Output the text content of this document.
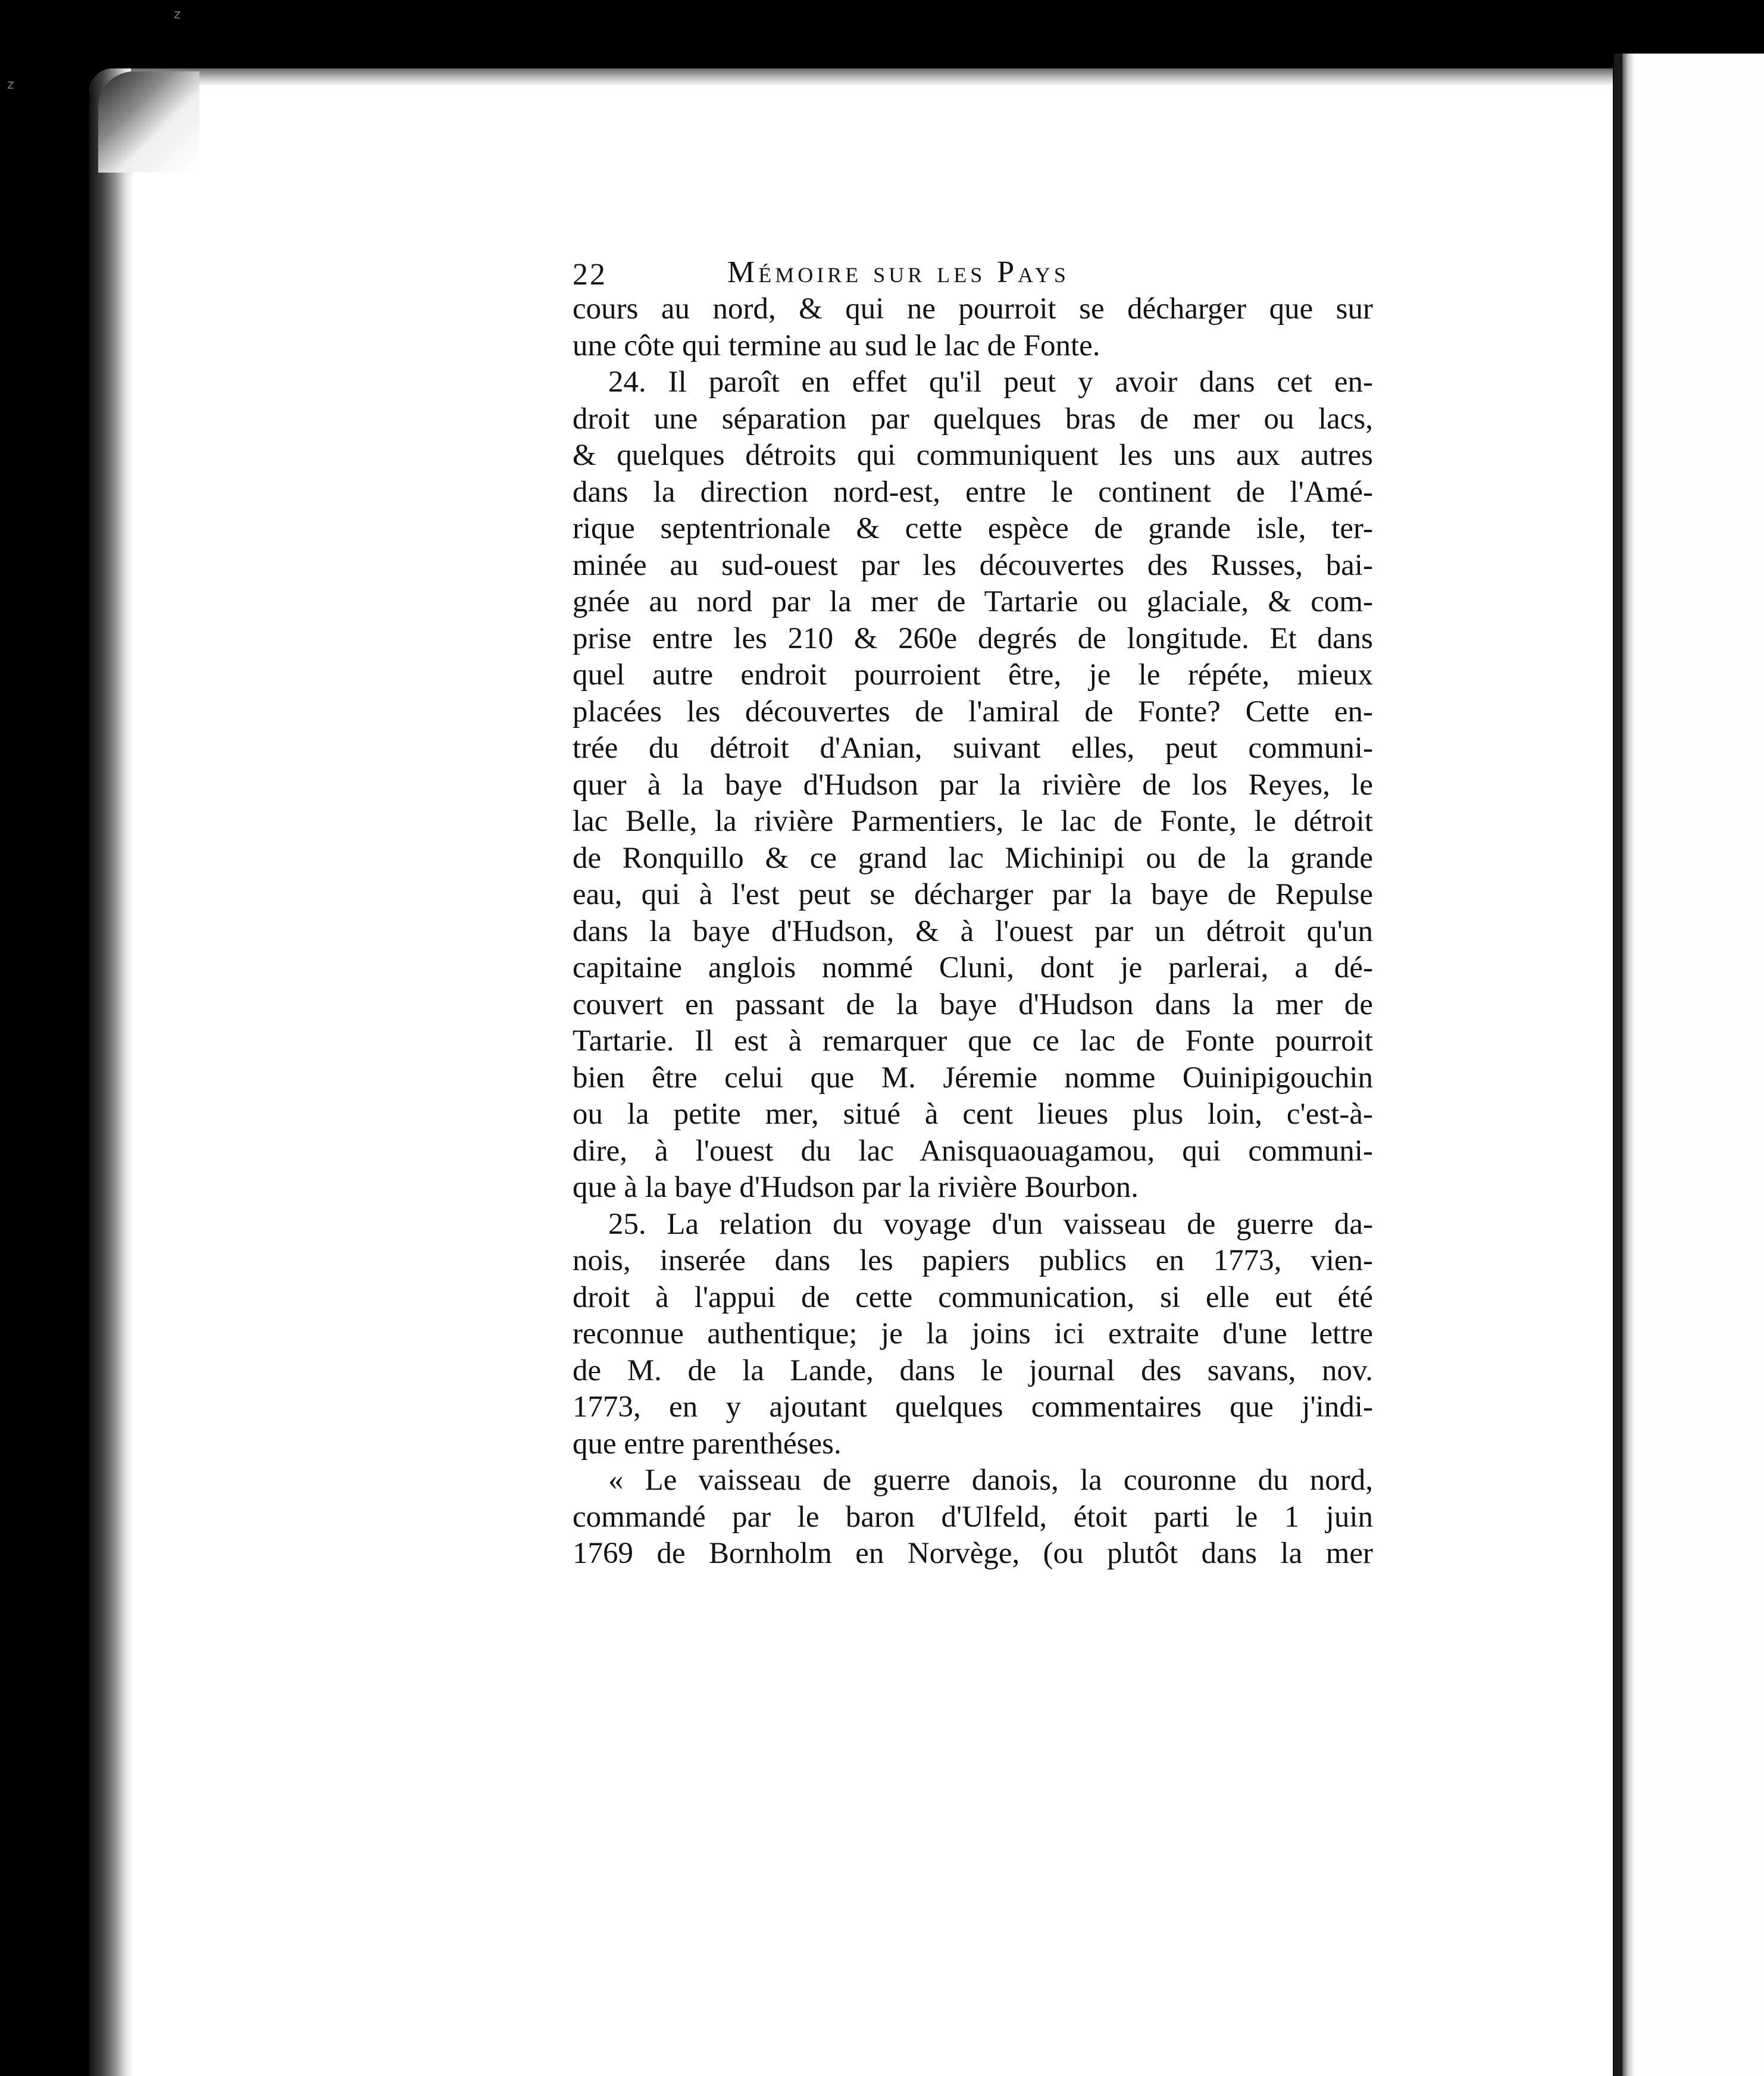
z
z
22	Mémoire sur les Pays
cours au nord, & qui ne pourroit se décharger que sur
une côte qui termine au sud le lac de Fonte.
24. Il paroît en effet qu'il peut y avoir dans cet en-
droit une séparation par quelques bras de mer ou lacs,
& quelques détroits qui communiquent les uns aux autres
dans la direction nord-est, entre le continent de l'Amé-
rique septentrionale & cette espèce de grande isle, ter-
minée au sud-ouest par les découvertes des Russes, bai-
gnée au nord par la mer de Tartarie ou glaciale, & com-
prise entre les 210 & 260e degrés de longitude. Et dans
quel autre endroit pourroient être, je le répéte, mieux
placées les découvertes de l'amiral de Fonte? Cette en-
trée du détroit d'Anian, suivant elles, peut communi-
quer à la baye d'Hudson par la rivière de los Reyes, le
lac Belle, la rivière Parmentiers, le lac de Fonte, le détroit
de Ronquillo & ce grand lac Michinipi ou de la grande
eau, qui à l'est peut se décharger par la baye de Repulse
dans la baye d'Hudson, & à l'ouest par un détroit qu'un
capitaine anglois nommé Cluni, dont je parlerai, a dé-
couvert en passant de la baye d'Hudson dans la mer de
Tartarie. Il est à remarquer que ce lac de Fonte pourroit
bien être celui que M. Jéremie nomme Ouinipigouchin
ou la petite mer, situé à cent lieues plus loin, c'est-à-
dire, à l'ouest du lac Anisquaouagamou, qui communi-
que à la baye d'Hudson par la rivière Bourbon.
25. La relation du voyage d'un vaisseau de guerre da-
nois, inserée dans les papiers publics en 1773, vien-
droit à l'appui de cette communication, si elle eut été
reconnue authentique; je la joins ici extraite d'une lettre
de M. de la Lande, dans le journal des savans, nov.
1773, en y ajoutant quelques commentaires que j'indi-
que entre parenthéses.
« Le vaisseau de guerre danois, la couronne du nord,
commandé par le baron d'Ulfeld, étoit parti le 1 juin
1769 de Bornholm en Norvège, (ou plutôt dans la mer
